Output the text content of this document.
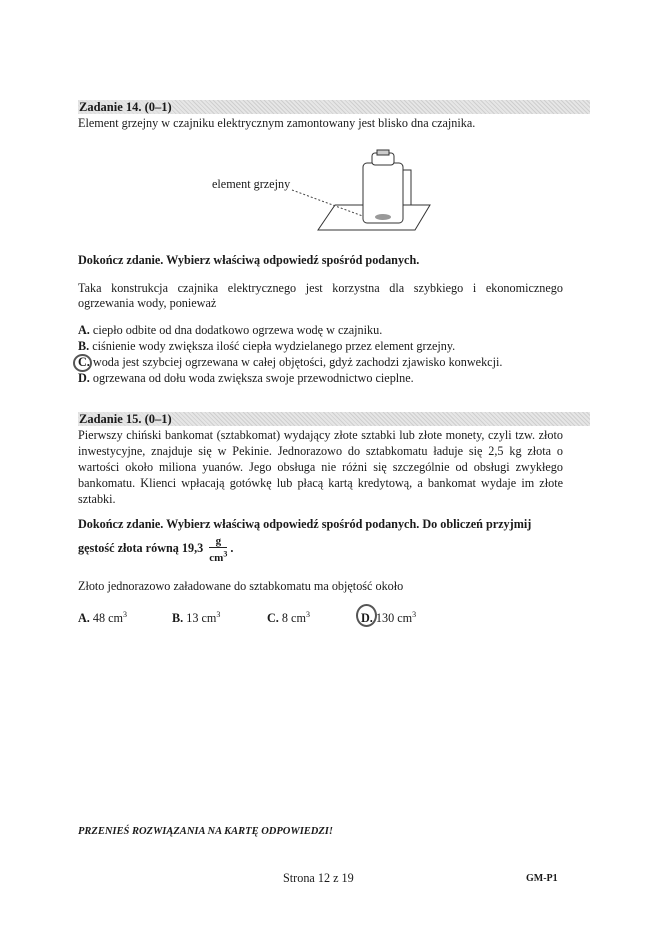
Zadanie 14. (0–1)
Element grzejny w czajniku elektrycznym zamontowany jest blisko dna czajnika.
element grzejny
Dokończ zdanie. Wybierz właściwą odpowiedź spośród podanych.
Taka konstrukcja czajnika elektrycznego jest korzystna dla szybkiego i ekonomicznego ogrzewania wody, ponieważ
A. ciepło odbite od dna dodatkowo ogrzewa wodę w czajniku.
B. ciśnienie wody zwiększa ilość ciepła wydzielanego przez element grzejny.
C. woda jest szybciej ogrzewana w całej objętości, gdyż zachodzi zjawisko konwekcji.
D. ogrzewana od dołu woda zwiększa swoje przewodnictwo cieplne.
Zadanie 15. (0–1)
Pierwszy chiński bankomat (sztabkomat) wydający złote sztabki lub złote monety, czyli tzw. złoto inwestycyjne, znajduje się w Pekinie. Jednorazowo do sztabkomatu ładuje się 2,5 kg złota o wartości około miliona yuanów. Jego obsługa nie różni się szczególnie od obsługi zwykłego bankomatu. Klienci wpłacają gotówkę lub płacą kartą kredytową, a bankomat wydaje im złote sztabki.
Dokończ zdanie. Wybierz właściwą odpowiedź spośród podanych. Do obliczeń przyjmij
gęstość złota równą $19,3 \frac{g}{cm^3}$ .
Złoto jednorazowo załadowane do sztabkomatu ma objętość około
A. 48 $cm^3$	B. 13 $cm^3$	C. 8 $cm^3$	D. 130 $cm^3$
PRZENIEŚ ROZWIĄZANIA NA KARTĘ ODPOWIEDZI!
Strona 12 z 19	GM-P1
